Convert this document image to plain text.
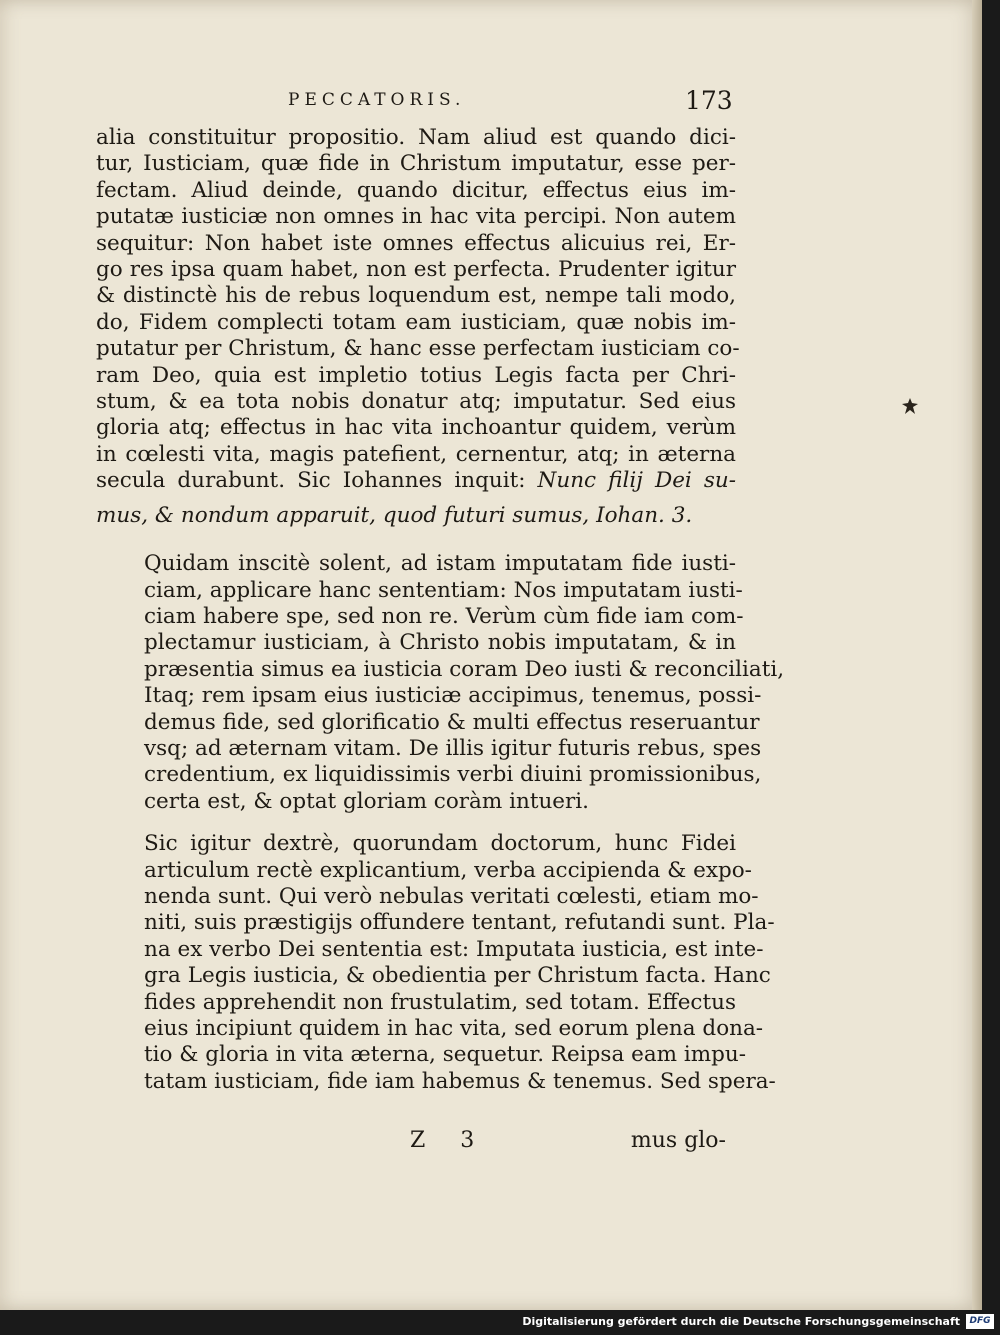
PECCATORIS.	173
alia constituitur propositio. Nam aliud est quando dici-
tur, Iusticiam, quæ fide in Christum imputatur, esse per-
fectam. Aliud deinde, quando dicitur, effectus eius im-
putatæ iusticiæ non omnes in hac vita percipi. Non autem
sequitur: Non habet iste omnes effectus alicuius rei, Er-
go res ipsa quam habet, non est perfecta. Prudenter igitur
& distinctè his de rebus loquendum est, nempe tali modo,
do, Fidem complecti totam eam iusticiam, quæ nobis im-
putatur per Christum, & hanc esse perfectam iusticiam co-
ram Deo, quia est impletio totius Legis facta per Chri-
stum, & ea tota nobis donatur atq; imputatur. Sed eius
gloria atq; effectus in hac vita inchoantur quidem, verùm
in cœlesti vita, magis patefient, cernentur, atq; in æterna
secula durabunt. Sic Iohannes inquit: Nunc filij Dei su-
mus, & nondum apparuit, quod futuri sumus, Iohan. 3.
Quidam inscitè solent, ad istam imputatam fide iusti-
ciam, applicare hanc sententiam: Nos imputatam iusti-
ciam habere spe, sed non re. Verùm cùm fide iam com-
plectamur iusticiam, à Christo nobis imputatam, & in
præsentia simus ea iusticia coram Deo iusti & reconciliati,
Itaq; rem ipsam eius iusticiæ accipimus, tenemus, possi-
demus fide, sed glorificatio & multi effectus reseruantur
vsq; ad æternam vitam. De illis igitur futuris rebus, spes
credentium, ex liquidissimis verbi diuini promissionibus,
certa est, & optat gloriam coràm intueri.
Sic igitur dextrè, quorundam doctorum, hunc Fidei
articulum rectè explicantium, verba accipienda & expo-
nenda sunt. Qui verò nebulas veritati cœlesti, etiam mo-
niti, suis præstigijs offundere tentant, refutandi sunt. Pla-
na ex verbo Dei sententia est: Imputata iusticia, est inte-
gra Legis iusticia, & obedientia per Christum facta. Hanc
fides apprehendit non frustulatim, sed totam. Effectus
eius incipiunt quidem in hac vita, sed eorum plena dona-
tio & gloria in vita æterna, sequetur. Reipsa eam impu-
tatam iusticiam, fide iam habemus & tenemus. Sed spera-
Z 3	mus glo-
Digitalisierung gefördert durch die Deutsche Forschungsgemeinschaft	DFG
